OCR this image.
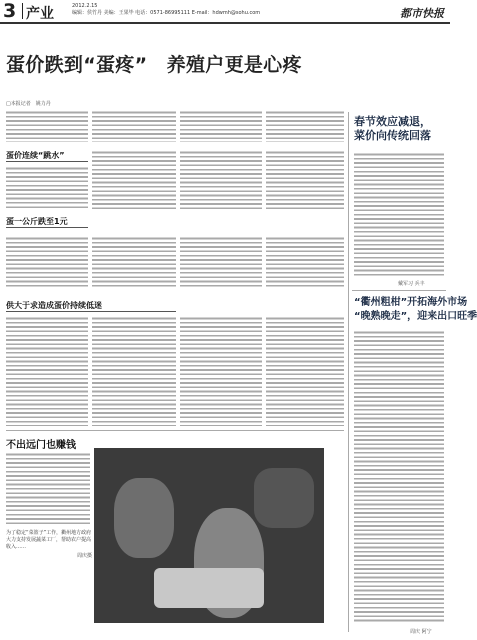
3 产业	2012.2.15
编辑：侯竹丹 美编：王果毕 电话：0571-86995111 E-mail：hdwmh@sohu.com	都市快报
蛋价跌到“蛋疼”　养殖户更是心疼
□本报记者　姚力丹
蛋价连续“跳水”
蛋一公斤跌至1元
供大于求造成蛋价持续低迷
不出远门也赚钱
为了稳定“菜篮子”工作，衢州地方政府大力支持发展蔬菜工厂，帮助农户提高收入……
周庆摄
春节效应减退，
菜价向传统回落
戴军习 兵丰
“衢州粗柑”开拓海外市场
“晚熟晚走”，迎来出口旺季
周庆 阿宁
